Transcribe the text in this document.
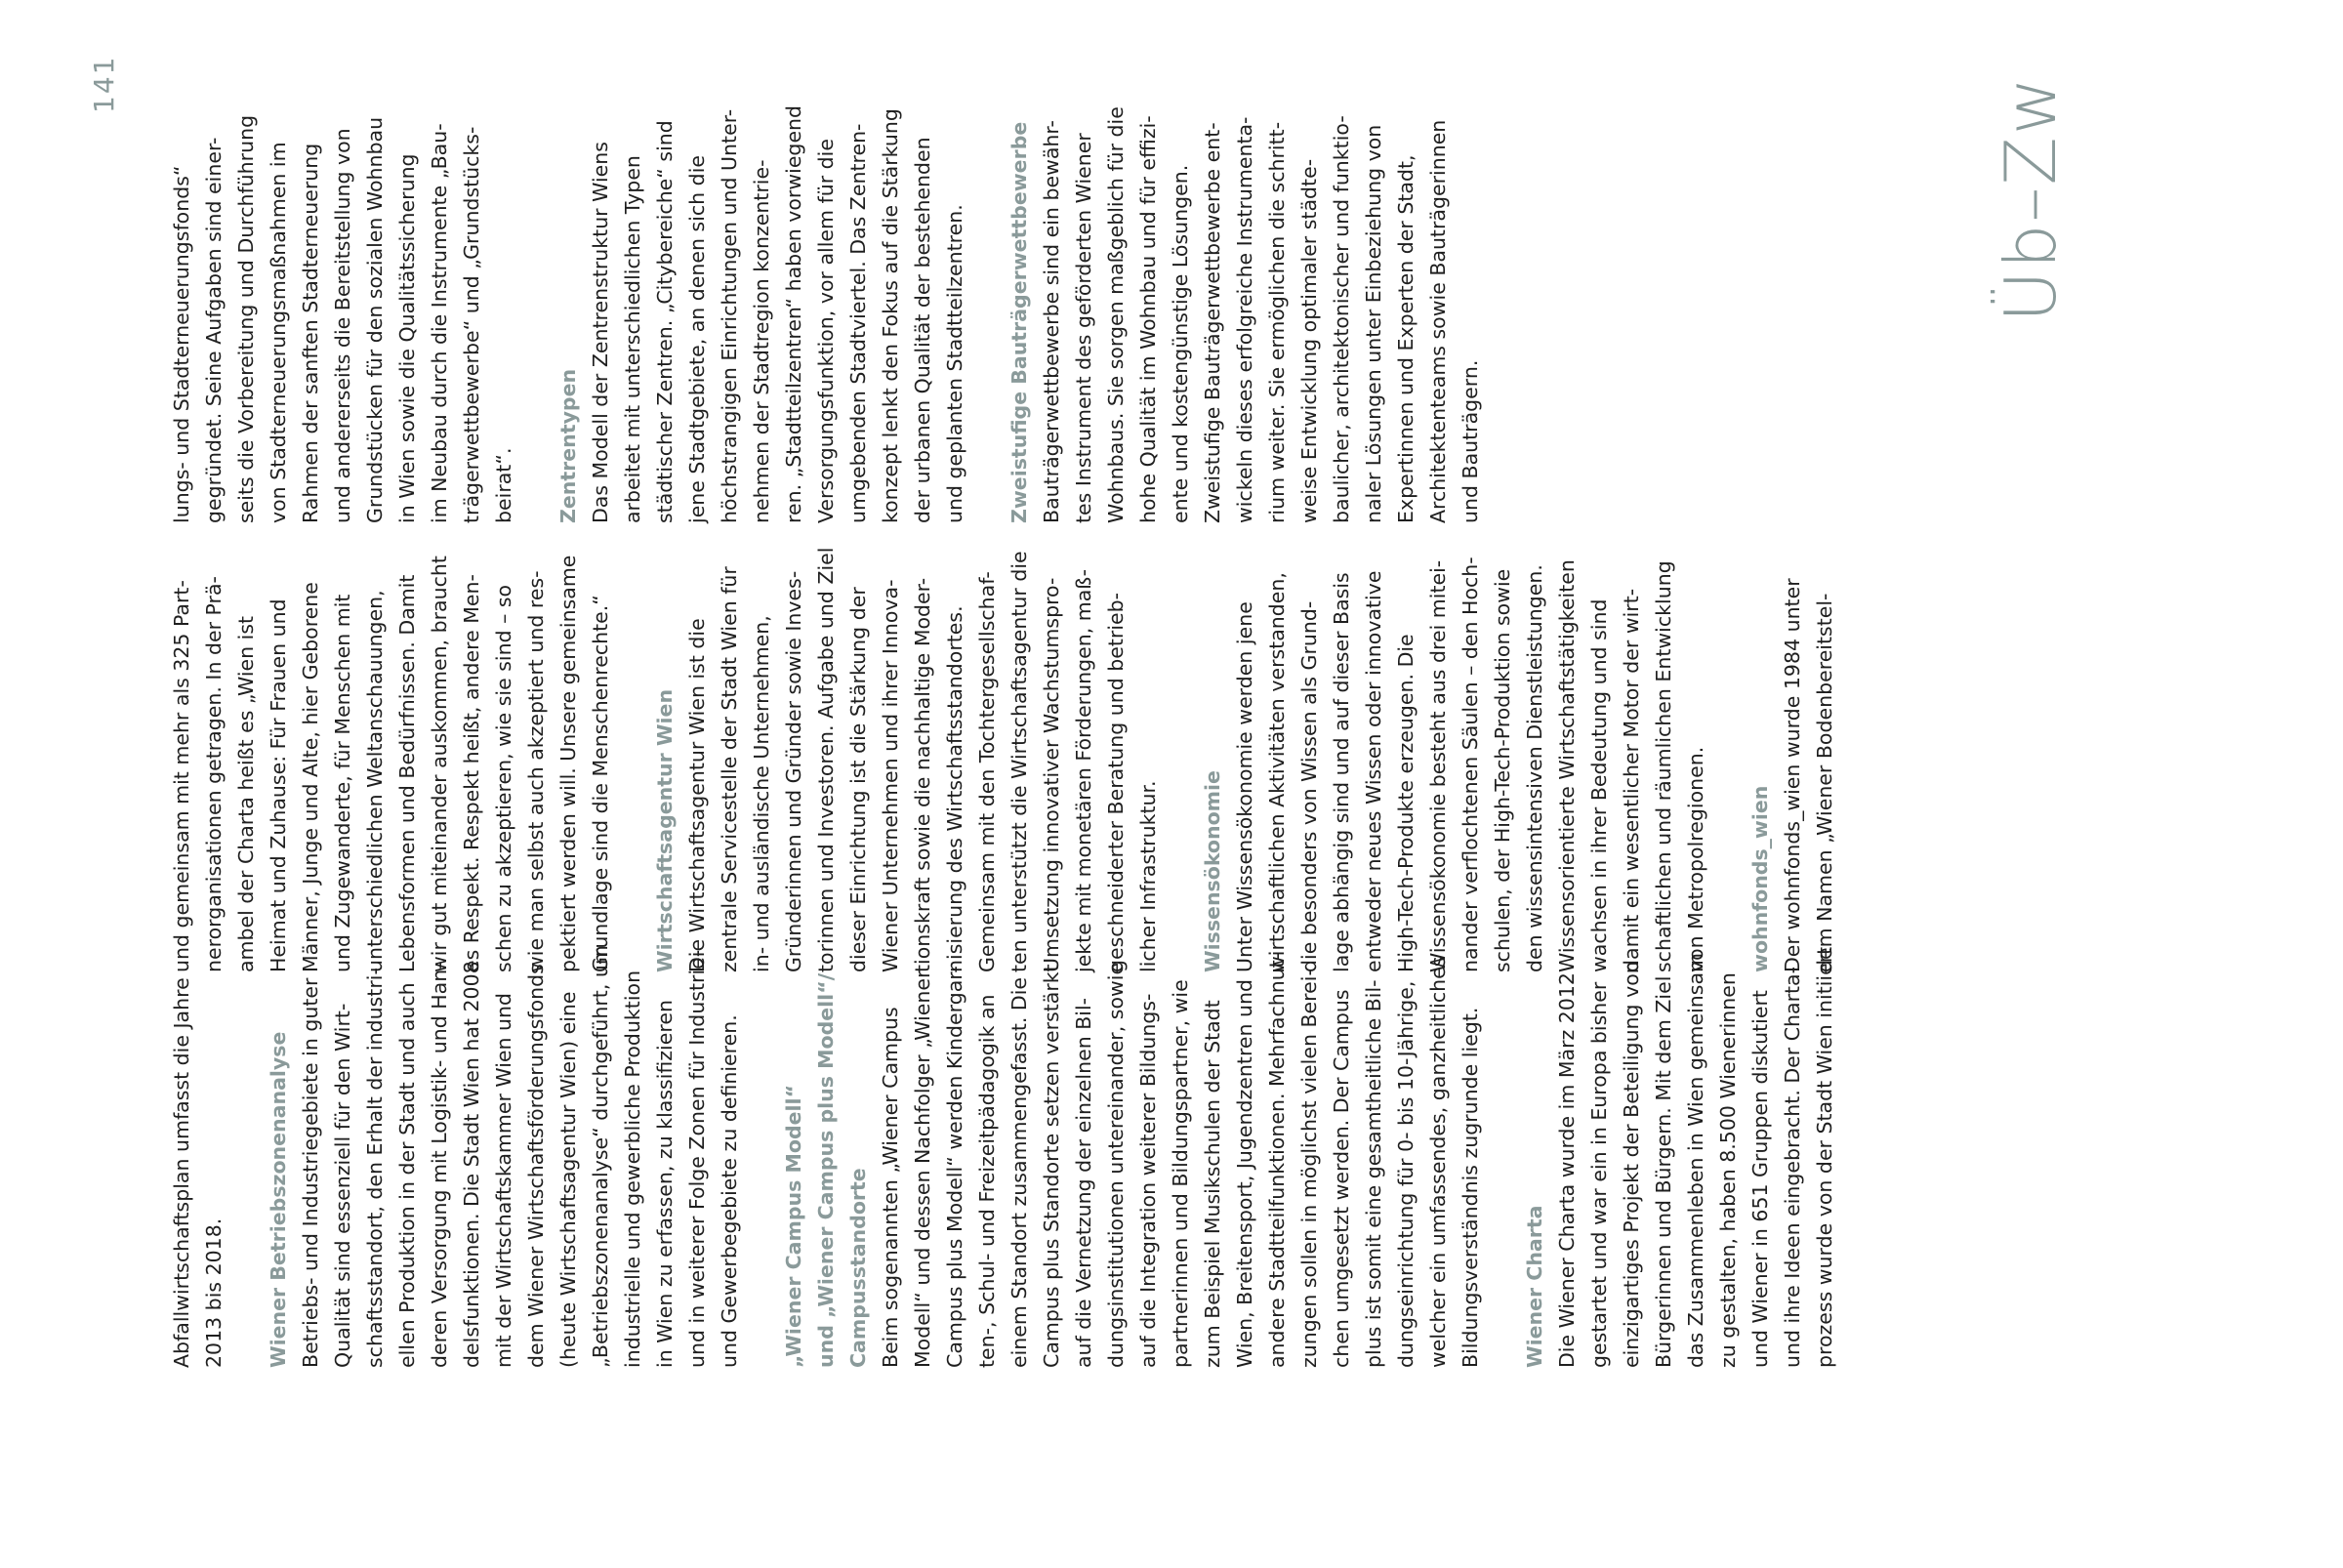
Abfallwirtschaftsplan umfasst die Jahre 2013 bis 2018. Wiener Betriebszonenanalyse Betriebs- und Industriegebiete in guter Qualität sind essenziell für den Wirt- schaftsstandort, den Erhalt der industri- ellen Produktion in der Stadt und auch deren Versorgung mit Logistik- und Han- delsfunktionen. Die Stadt Wien hat 2008 mit der Wirtschaftskammer Wien und dem Wiener Wirtschaftsförderungsfonds (heute Wirtschaftsagentur Wien) eine „Betriebszonenanalyse“ durchgeführt, um industrielle und gewerbliche Produktion in Wien zu erfassen, zu klassifizieren und in weiterer Folge Zonen für Industrie- und Gewerbegebiete zu definieren. „Wiener Campus Modell“ und „Wiener Campus plus Modell“/ Campusstandorte Beim sogenannten „Wiener Campus Modell“ und dessen Nachfolger „Wiener Campus plus Modell“ werden Kindergar- ten-, Schul- und Freizeitpädagogik an einem Standort zusammengefasst. Die Campus plus Standorte setzen verstärkt auf die Vernetzung der einzelnen Bil- dungsinstitutionen untereinander, sowie auf die Integration weiterer Bildungs- partnerinnen und Bildungspartner, wie zum Beispiel Musikschulen der Stadt Wien, Breitensport, Jugendzentren und andere Stadtteilfunktionen. Mehrfachnut- zungen sollen in möglichst vielen Berei- chen umgesetzt werden. Der Campus plus ist somit eine gesamtheitliche Bil- dungseinrichtung für 0- bis 10-Jährige, welcher ein umfassendes, ganzheitliches Bildungsverständnis zugrunde liegt. Wiener Charta Die Wiener Charta wurde im März 2012 gestartet und war ein in Europa bisher einzigartiges Projekt der Beteiligung von Bürgerinnen und Bürgern. Mit dem Ziel das Zusammenleben in Wien gemeinsam zu gestalten, haben 8.500 Wienerinnen und Wiener in 651 Gruppen diskutiert und ihre Ideen eingebracht. Der Charta- prozess wurde von der Stadt Wien initiiert

und gemeinsam mit mehr als 325 Part- nerorganisationen getragen. In der Prä- ambel der Charta heißt es „Wien ist Heimat und Zuhause: Für Frauen und Männer, Junge und Alte, hier Geborene und Zugewanderte, für Menschen mit unterschiedlichen Weltanschauungen, Lebensformen und Bedürfnissen. Damit wir gut miteinander auskommen, braucht es Respekt. Respekt heißt, andere Men- schen zu akzeptieren, wie sie sind – so wie man selbst auch akzeptiert und res- pektiert werden will. Unsere gemeinsame Grundlage sind die Menschenrechte.“ Wirtschaftsagentur Wien Die Wirtschaftsagentur Wien ist die zentrale Servicestelle der Stadt Wien für in- und ausländische Unternehmen, Gründerinnen und Gründer sowie Inves- torinnen und Investoren. Aufgabe und Ziel dieser Einrichtung ist die Stärkung der Wiener Unternehmen und ihrer Innova- tionskraft sowie die nachhaltige Moder- nisierung des Wirtschaftsstandortes. Gemeinsam mit den Tochtergesellschaf- ten unterstützt die Wirtschaftsagentur die Umsetzung innovativer Wachstumspro- jekte mit monetären Förderungen, maß- geschneiderter Beratung und betrieb- licher Infrastruktur. Wissensökonomie Unter Wissensökonomie werden jene wirtschaftlichen Aktivitäten verstanden, die besonders von Wissen als Grund- lage abhängig sind und auf dieser Basis entweder neues Wissen oder innovative High-Tech-Produkte erzeugen. Die Wissensökonomie besteht aus drei mitei- nander verflochtenen Säulen – den Hoch- schulen, der High-Tech-Produktion sowie den wissensintensiven Dienstleistungen. Wissensorientierte Wirtschaftstätigkeiten wachsen in ihrer Bedeutung und sind damit ein wesentlicher Motor der wirt- schaftlichen und räumlichen Entwicklung von Metropolregionen. wohnfonds_wien Der wohnfonds_wien wurde 1984 unter dem Namen „Wiener Bodenbereitstel-

lungs- und Stadterneuerungsfonds“ gegründet. Seine Aufgaben sind einer- seits die Vorbereitung und Durchführung von Stadterneuerungsmaßnahmen im Rahmen der sanften Stadterneuerung und andererseits die Bereitstellung von Grundstücken für den sozialen Wohnbau in Wien sowie die Qualitätssicherung im Neubau durch die Instrumente „Bau- trägerwettbewerbe“ und „Grundstücks- beirat“. Zentrentypen Das Modell der Zentrenstruktur Wiens arbeitet mit unterschiedlichen Typen städtischer Zentren. „Citybereiche“ sind jene Stadtgebiete, an denen sich die höchstrangigen Einrichtungen und Unter- nehmen der Stadtregion konzentrie- ren. „Stadtteilzentren“ haben vorwiegend Versorgungsfunktion, vor allem für die umgebenden Stadtviertel. Das Zentren- konzept lenkt den Fokus auf die Stärkung der urbanen Qualität der bestehenden und geplanten Stadtteilzentren. Zweistufige Bauträgerwettbewerbe Bauträgerwettbewerbe sind ein bewähr- tes Instrument des geförderten Wiener Wohnbaus. Sie sorgen maßgeblich für die hohe Qualität im Wohnbau und für effizi- ente und kostengünstige Lösungen. Zweistufige Bauträgerwettbewerbe ent- wickeln dieses erfolgreiche Instrumenta- rium weiter. Sie ermöglichen die schritt- weise Entwicklung optimaler städte- baulicher, architektonischer und funktio- naler Lösungen unter Einbeziehung von Expertinnen und Experten der Stadt, Architektenteams sowie Bauträgerinnen und Bauträgern.

Üb–Zw
141
